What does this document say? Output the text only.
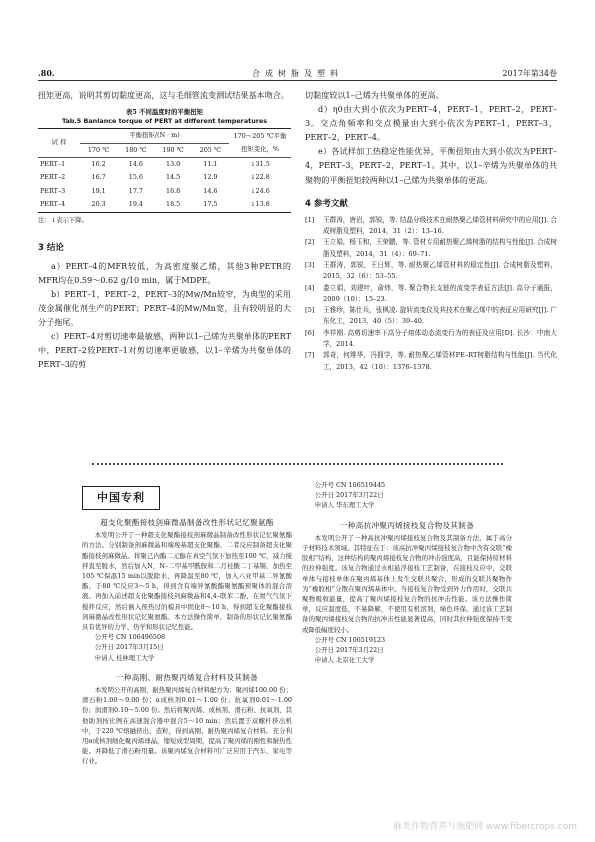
.80.	合成树脂及塑料	2017年第34卷

扭矩更高，说明其剪切黏度更高，这与毛细管流变测试结果基本吻合。

表5 不同温度时的平衡扭矩
Tab.5 Banlance torque of PERT at different temperatures
试 样	平衡扭矩/(N · m)				170～205 ℃平衡扭矩变化，%
	170 ℃	180 ℃	190 ℃	205 ℃	
PERT–1	16.2	14.6	13.0	11.1	↓31.5
PERT–2	16.7	15.6	14.5	12.9	↓22.8
PERT–3	19.1	17.7	16.8	14.6	↓24.6
PERT–4	20.3	19.4	18.5	17.5	↓13.8
注：↓表示下降。
3 结论

a）PERT–4的MFR较低，为高密度聚乙烯，其他3种PETR的MFR均在0.59～0.62 g/10 min，属于MDPE。

b）PERT–1，PERT–2，PERT–3的Mw/Mn较窄，为典型的采用茂金属催化剂生产的PERT；PERT–4的Mw/Mn宽，且有较明显的大分子拖尾。

c）PERT–4对剪切速率最敏感，两种以1–己烯为共聚单体的PERT中，PERT–2较PERT–1对剪切速率更敏感，以1–辛烯为共聚单体的PERT–3的剪

切黏度较以1–己烯为共聚单体的更高。

d）η0由大到小依次为PERT–4，PERT–1，PERT–2，PERT–3。交点角频率和交点模量由大到小依次为PERT–1，PERT–3，PERT–2，PERT–4。

e）各试样加工热稳定性能优异，平衡扭矩由大到小依次为PERT–4，PERT–3，PERT–2，PERT–1。其中，以1–辛烯为共聚单体的共聚物的平衡扭矩较两种以1–己烯为共聚单体的更高。

4 参考文献
[1]	王群涛，唐岩，郭锐，等. 结晶分级技术在耐热聚乙烯管材料研究中的应用[J]. 合成树脂及塑料，2014，31（2）：13–16.
[2]	王立娟，杨玉和，王荣鹏，等. 管材专用耐热聚乙烯树脂的结构与性能[J]. 合成树脂及塑料，2014，31（4）：69–71.
[3]	王群涛，郭锐，王日辉，等. 耐热聚乙烯管材料的稳定性[J]. 合成树脂及塑料，2015，32（6）：53–55.
[4]	娄立娟，刘建叶，俞炜，等. 聚合物长支链的流变学表征方法[J]. 高分子通报，2009（10）：15–23.
[5]	王雅珍，陈仕兵，张枫凌. 旋转流变仪及其技术在聚乙烯中的表征应用研究[J]. 广东化工，2013，40（5）：39–40.
[6]	李祥刚. 高剪切速率下高分子熔体动态流变行为的表征及应用[D]. 长沙：中南大学，2014.
[7]	郭奇，何维华，冯拥学，等. 耐热聚乙烯管材PE–RT树脂结构与性能[J]. 当代化工，2013，42（10）：1376–1378.
中国专利
超支化聚酯接枝剑麻微晶制备改性形状记忆聚氨酯

本发明公开了一种超支化聚酯接枝剑麻微晶制备改性形状记忆聚氨酯的方法。分别制备剑麻微晶和端羧基超支化聚酯，二者反应制备超支化聚酯接枝剑麻微晶。将聚己内酯二元醇在真空气氛下加热至100 ℃，减力搅拌直至脱水，然后加入N，N–二甲基甲酰胺和二月桂酸二丁基锡，加热至105 ℃保温15 min以脱除水，再降温至80 ℃，加入六亚甲基二异氰酸酯，于80 ℃反应3～5 h，得到含有端异氰酸酯聚氨酯预聚体的混合溶液。再加入前述超支化聚酯接枝剑麻微晶和4,4–联苯二酚，在氮气气氛下搅拌反应，然后倒入预热过的模具中固化8～10 h，得到超支化聚酯接枝剑麻微晶改性形状记忆聚氨酯。本方法操作简单，制备的形状记忆聚氨酯具有优异的力学、热学和形状记忆性能。

公开号 CN 106496508

公开日 2017年3月15日

申请人 桂林理工大学

一种高刚、耐热聚丙烯复合材料及其制备

本发明公开的高刚、耐热聚丙烯复合材料配方为：聚丙烯100.00 份；滑石粉1.00～9.00 份；α成核剂0.01～1.00 份；抗氧剂0.01～1.00 份；润滑剂0.10～5.00 份。然后将聚丙烯、成核剂、滑石粉、抗氧剂、其他助剂按比例在高速混合器中混合5～10 min；然后置于双螺杆挤出机中，于220 ℃熔融挤出、造粒，得到高刚、耐热聚丙烯复合材料。充分利用α成核剂细化聚丙烯球晶，缩短成型周期，提高了聚丙烯的刚性和耐热性能。并降低了滑石粉用量。该聚丙烯复合材料可广泛应用于汽车、家电等行业。

公开号 CN 106519445

公开日 2017年3月22日

申请人 华东理工大学

一种高抗冲聚丙烯接枝复合物及其制备

本发明公开了一种高抗冲聚丙烯接枝复合物及其制备方法，属于高分子材料技术领域。其特征在于：该高抗冲聚丙烯接枝复合物中含有交联“橡胶相”结构，这种结构的聚丙烯接枝复合物的冲击强度高，且能保持原材料的拉伸强度。该复合物通过水相悬浮接枝工艺制备，在接枝反应中，交联单体与接枝单体在聚丙烯基体上发生交联共聚合，形成的交联共聚物作为“橡胶相”分散在聚丙烯基体中。当接枝复合物受到外力作用时，交联共聚物吸收能量，提高了聚丙烯接枝复合物的抗冲击性能。该方法操作简单，反应温度低，不易降解，不使用有机溶剂，绿色环保。通过该工艺制备的聚丙烯接枝复合物的抗冲击性能显著提高，同时其拉伸强度保持不变或降低幅度较小。

公开号 CN 106519123

公开日 2017年3月22日

申请人 北京化工大学

麻类作物营养与施肥网 www.fibercrops.com
